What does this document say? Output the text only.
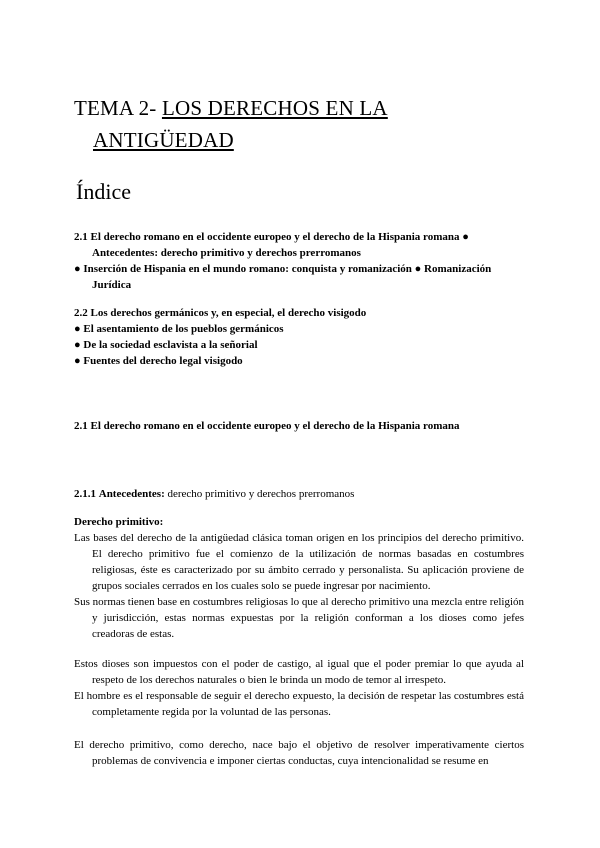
TEMA 2- LOS DERECHOS EN LA
ANTIGÜEDAD
Índice

2.1 El derecho romano en el occidente europeo y el derecho de la Hispania romana ● Antecedentes: derecho primitivo y derechos prerromanos

● Inserción de Hispania en el mundo romano: conquista y romanización ● Romanización Jurídica

2.2 Los derechos germánicos y, en especial, el derecho visigodo

● El asentamiento de los pueblos germánicos

● De la sociedad esclavista a la señorial

● Fuentes del derecho legal visigodo

2.1 El derecho romano en el occidente europeo y el derecho de la Hispania romana
2.1.1 Antecedentes: derecho primitivo y derechos prerromanos
Derecho primitivo:

Las bases del derecho de la antigüedad clásica toman origen en los principios del derecho primitivo. El derecho primitivo fue el comienzo de la utilización de normas basadas en costumbres religiosas, éste es caracterizado por su ámbito cerrado y personalista. Su aplicación proviene de grupos sociales cerrados en los cuales solo se puede ingresar por nacimiento.

Sus normas tienen base en costumbres religiosas lo que al derecho primitivo una mezcla entre religión y jurisdicción, estas normas expuestas por la religión conforman a los dioses como jefes creadoras de estas.

Estos dioses son impuestos con el poder de castigo, al igual que el poder premiar lo que ayuda al respeto de los derechos naturales o bien le brinda un modo de temor al irrespeto.

El hombre es el responsable de seguir el derecho expuesto, la decisión de respetar las costumbres está completamente regida por la voluntad de las personas.

El derecho primitivo, como derecho, nace bajo el objetivo de resolver imperativamente ciertos problemas de convivencia e imponer ciertas conductas, cuya intencionalidad se resume en
